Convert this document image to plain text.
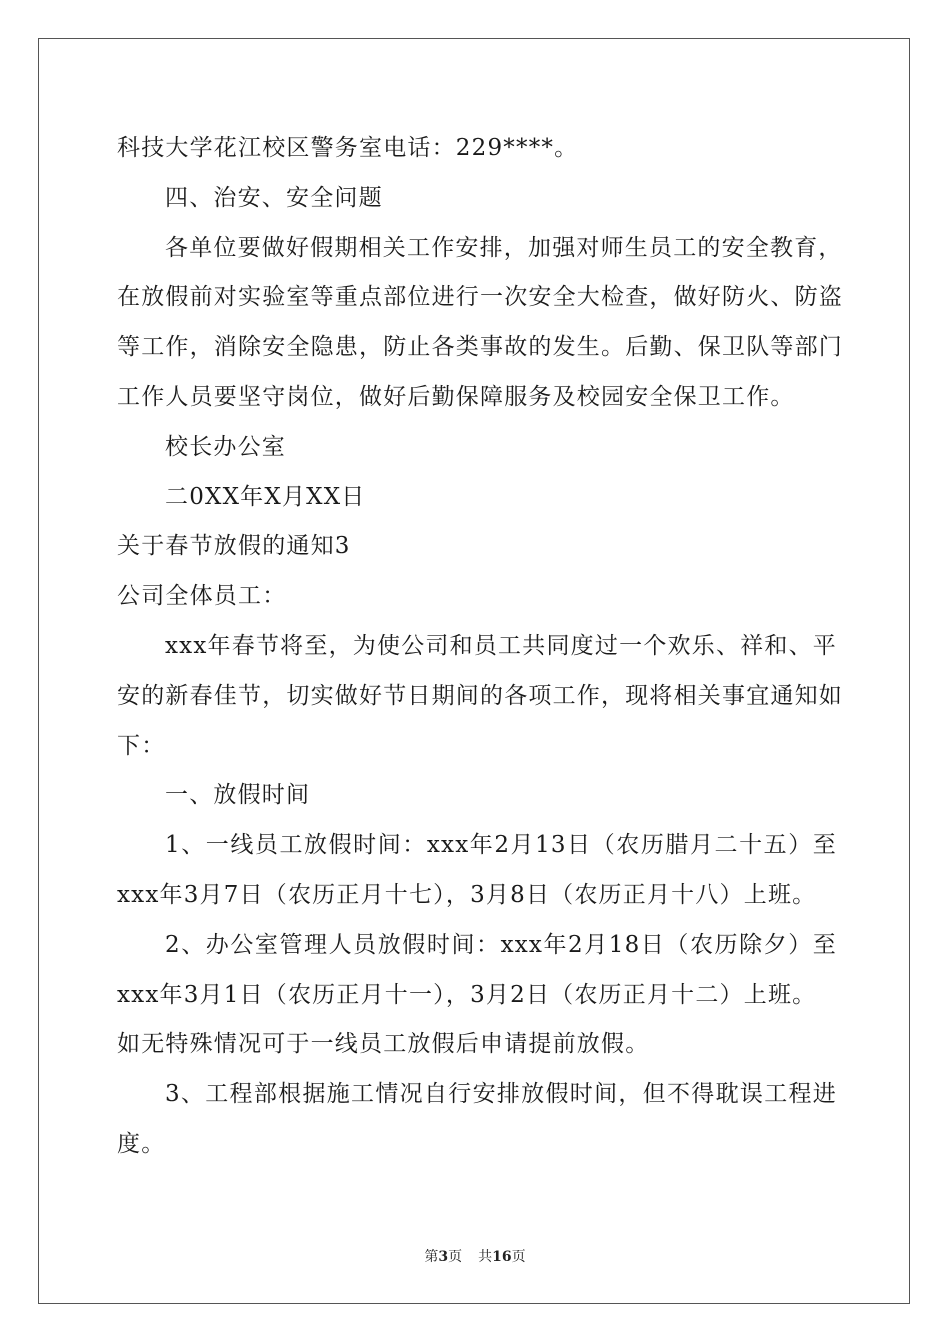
科技大学花江校区警务室电话：229****。
四、治安、安全问题
各单位要做好假期相关工作安排，加强对师生员工的安全教育，
在放假前对实验室等重点部位进行一次安全大检查，做好防火、防盗
等工作，消除安全隐患，防止各类事故的发生。后勤、保卫队等部门
工作人员要坚守岗位，做好后勤保障服务及校园安全保卫工作。
校长办公室
二0XX年X月XX日
关于春节放假的通知3
公司全体员工：
xxx年春节将至，为使公司和员工共同度过一个欢乐、祥和、平
安的新春佳节，切实做好节日期间的各项工作，现将相关事宜通知如
下：
一、放假时间
1、一线员工放假时间：xxx年2月13日（农历腊月二十五）至
xxx年3月7日（农历正月十七），3月8日（农历正月十八）上班。
2、办公室管理人员放假时间：xxx年2月18日（农历除夕）至
xxx年3月1日（农历正月十一），3月2日（农历正月十二）上班。
如无特殊情况可于一线员工放假后申请提前放假。
3、工程部根据施工情况自行安排放假时间，但不得耽误工程进
度。
第3页 共16页
